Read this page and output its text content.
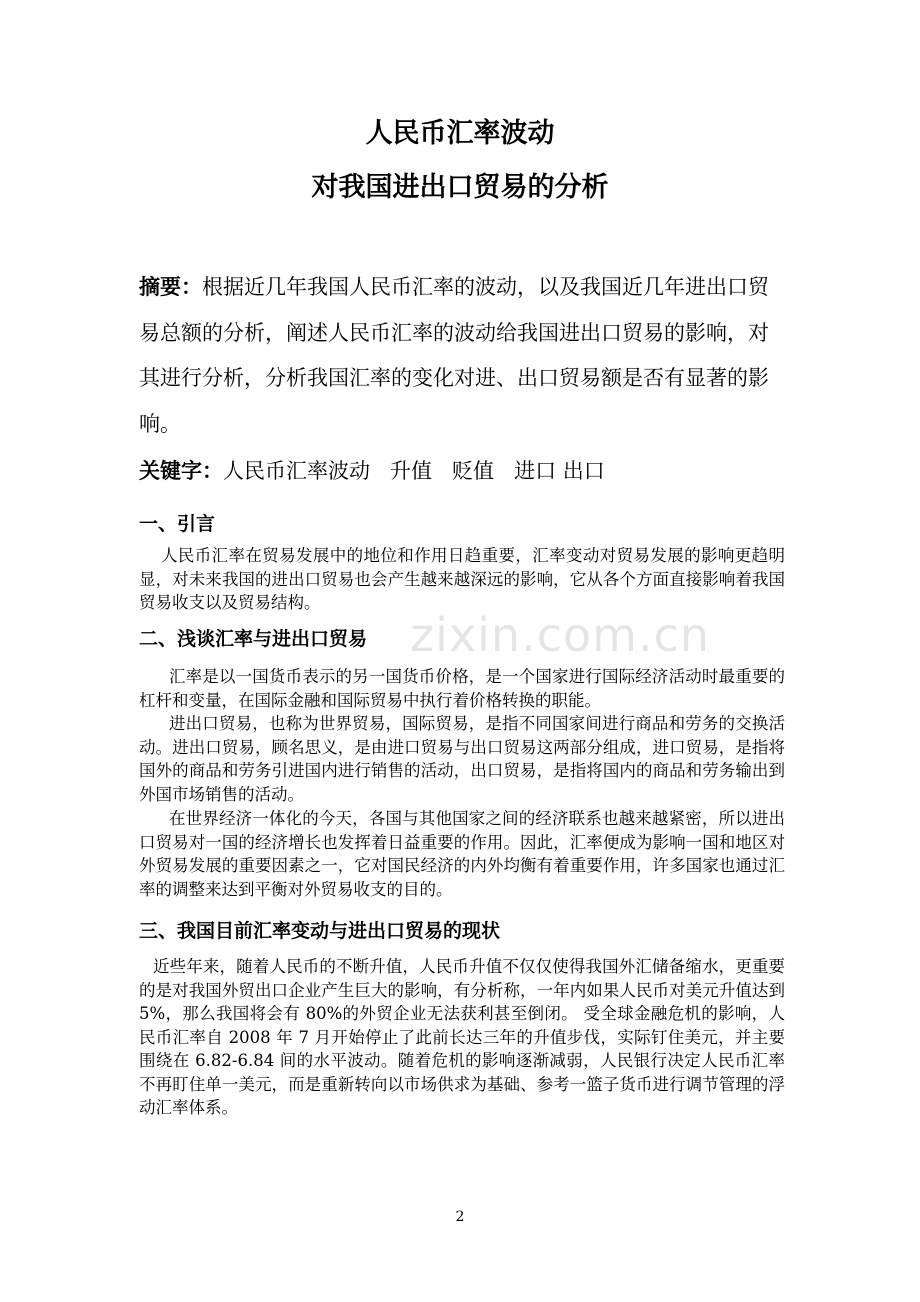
人民币汇率波动
对我国进出口贸易的分析
摘要：根据近几年我国人民币汇率的波动，以及我国近几年进出口贸易总额的分析，阐述人民币汇率的波动给我国进出口贸易的影响，对其进行分析，分析我国汇率的变化对进、出口贸易额是否有显著的影响。
关键字：人民币汇率波动   升值   贬值   进口 出口
一、引言
人民币汇率在贸易发展中的地位和作用日趋重要，汇率变动对贸易发展的影响更趋明显，对未来我国的进出口贸易也会产生越来越深远的影响，它从各个方面直接影响着我国贸易收支以及贸易结构。
zixin.com.cn
二、浅谈汇率与进出口贸易
汇率是以一国货币表示的另一国货币价格，是一个国家进行国际经济活动时最重要的杠杆和变量，在国际金融和国际贸易中执行着价格转换的职能。
进出口贸易，也称为世界贸易，国际贸易，是指不同国家间进行商品和劳务的交换活动。进出口贸易，顾名思义，是由进口贸易与出口贸易这两部分组成，进口贸易，是指将国外的商品和劳务引进国内进行销售的活动，出口贸易，是指将国内的商品和劳务输出到外国市场销售的活动。
在世界经济一体化的今天，各国与其他国家之间的经济联系也越来越紧密，所以进出口贸易对一国的经济增长也发挥着日益重要的作用。因此，汇率便成为影响一国和地区对外贸易发展的重要因素之一，它对国民经济的内外均衡有着重要作用，许多国家也通过汇率的调整来达到平衡对外贸易收支的目的。
三、我国目前汇率变动与进出口贸易的现状
近些年来，随着人民币的不断升值，人民币升值不仅仅使得我国外汇储备缩水，更重要的是对我国外贸出口企业产生巨大的影响，有分析称，一年内如果人民币对美元升值达到 5%，那么我国将会有 80%的外贸企业无法获利甚至倒闭。 受全球金融危机的影响，人民币汇率自 2008 年 7 月开始停止了此前长达三年的升值步伐，实际钉住美元，并主要围绕在 6.82-6.84 间的水平波动。随着危机的影响逐渐减弱，人民银行决定人民币汇率不再盯住单一美元，而是重新转向以市场供求为基础、参考一篮子货币进行调节管理的浮动汇率体系。
2
